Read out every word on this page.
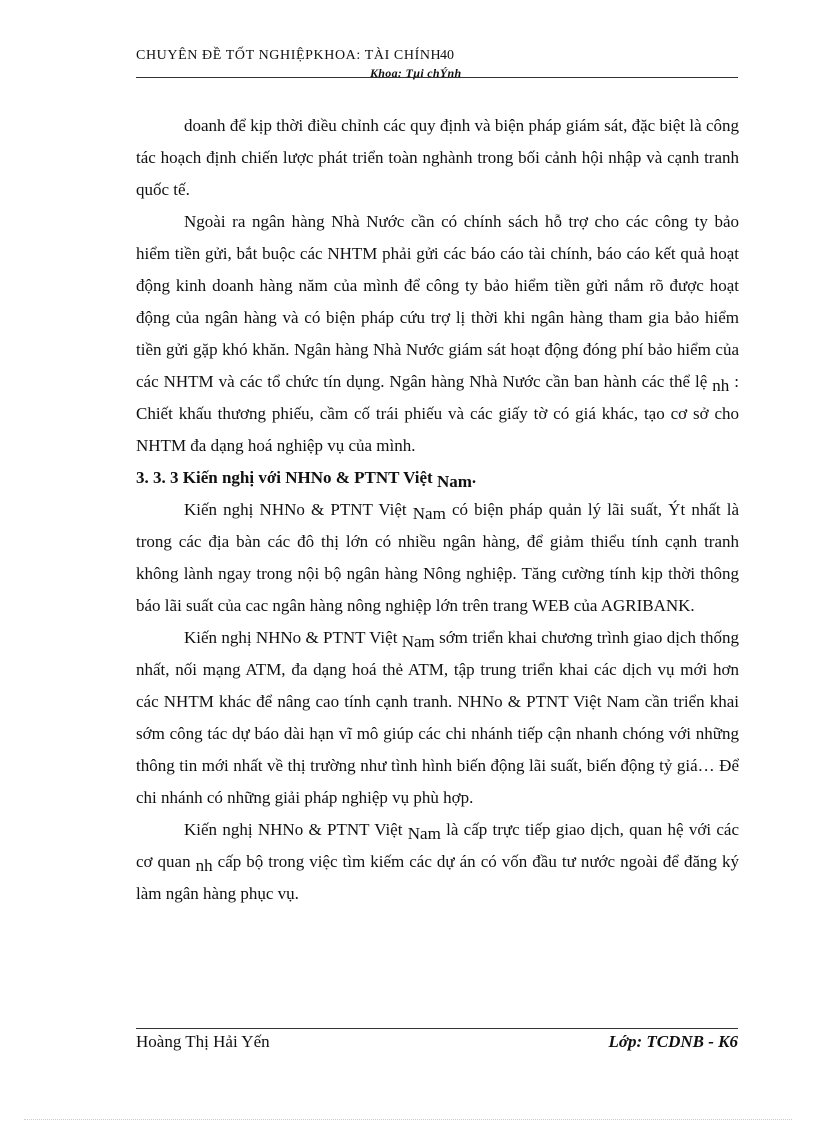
CHUYÊN ĐỀ TỐT NGHIỆPKHOA: TÀI CHÍNH
40
Khoa: Tµi chÝnh

doanh để kịp thời điều chỉnh các quy định và biện pháp giám sát, đặc biệt là công tác hoạch định chiến lược phát triển toàn nghành trong bối cảnh hội nhập và cạnh tranh quốc tế.

Ngoài ra ngân hàng Nhà Nước cần có chính sách hỗ trợ cho các công ty bảo hiểm tiền gửi, bắt buộc các NHTM phải gửi các báo cáo tài chính, báo cáo kết quả hoạt động kinh doanh hàng năm của mình để công ty bảo hiểm tiền gửi nắm rõ được hoạt động của ngân hàng và có biện pháp cứu trợ lị thời khi ngân hàng tham gia bảo hiểm tiền gửi gặp khó khăn. Ngân hàng Nhà Nước giám sát hoạt động đóng phí bảo hiểm của các NHTM và các tổ chức tín dụng. Ngân hàng Nhà Nước cần ban hành các thể lệ nh : Chiết khấu thương phiếu, cầm cố trái phiếu và các giấy tờ có giá khác, tạo cơ sở cho NHTM đa dạng hoá nghiệp vụ của mình.

3. 3. 3 Kiến nghị với NHNo & PTNT Việt Nam.

Kiến nghị NHNo & PTNT Việt Nam có biện pháp quản lý lãi suất, Ýt nhất là trong các địa bàn các đô thị lớn có nhiều ngân hàng, để giảm thiểu tính cạnh tranh không lành ngay trong nội bộ ngân hàng Nông nghiệp. Tăng cường tính kịp thời thông báo lãi suất của cac ngân hàng nông nghiệp lớn trên trang WEB của AGRIBANK.

Kiến nghị NHNo & PTNT Việt Nam sớm triển khai chương trình giao dịch thống nhất, nối mạng ATM, đa dạng hoá thẻ ATM, tập trung triển khai các dịch vụ mới hơn các NHTM khác để nâng cao tính cạnh tranh. NHNo & PTNT Việt Nam cần triển khai sớm công tác dự báo dài hạn vĩ mô giúp các chi nhánh tiếp cận nhanh chóng với những thông tin mới nhất về thị trường như tình hình biến động lãi suất, biến động tỷ giá… Để chi nhánh có những giải pháp nghiệp vụ phù hợp.

Kiến nghị NHNo & PTNT Việt Nam là cấp trực tiếp giao dịch, quan hệ với các cơ quan nh cấp bộ trong việc tìm kiếm các dự án có vốn đầu tư nước ngoài để đăng ký làm ngân hàng phục vụ.

Hoàng Thị Hải Yến	Lớp: TCDNB - K6
